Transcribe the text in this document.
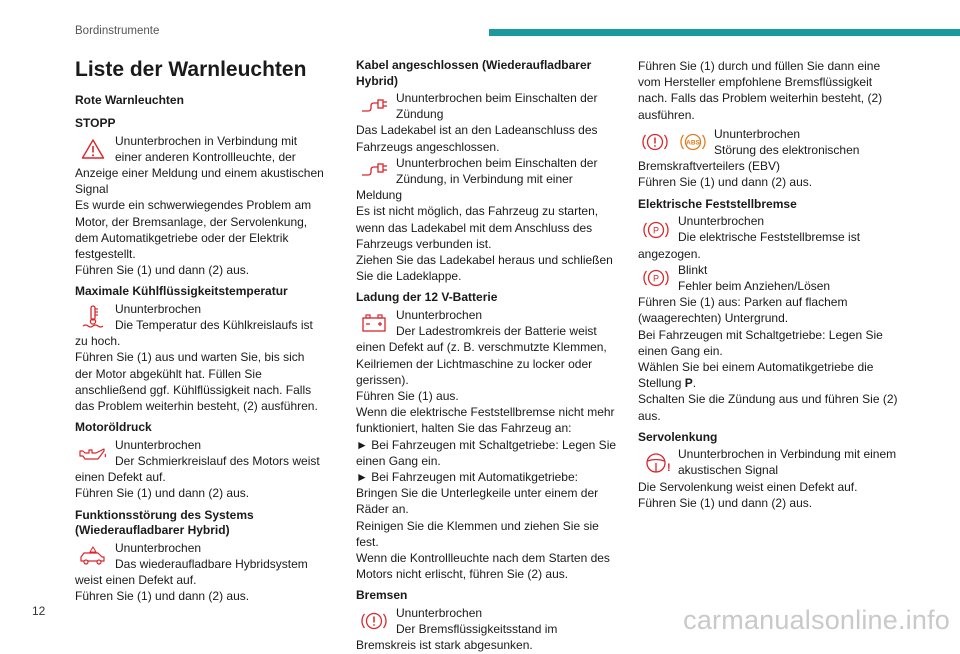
Bordinstrumente
Liste der Warnleuchten
Rote Warnleuchten
STOPP

Ununterbrochen in Verbindung mit einer anderen Kontrollleuchte, der Anzeige einer Meldung und einem akustischen Signal

Es wurde ein schwerwiegendes Problem am Motor, der Bremsanlage, der Servolenkung, dem Automatikgetriebe oder der Elektrik festgestellt.

Führen Sie (1) und dann (2) aus.

Maximale Kühlflüssigkeitstemperatur

Ununterbrochen

Die Temperatur des Kühlkreislaufs ist zu hoch.

Führen Sie (1) aus und warten Sie, bis sich der Motor abgekühlt hat. Füllen Sie anschließend ggf. Kühlflüssigkeit nach. Falls das Problem weiterhin besteht, (2) ausführen.

Motoröldruck

Ununterbrochen

Der Schmierkreislauf des Motors weist einen Defekt auf.

Führen Sie (1) und dann (2) aus.

Funktionsstörung des Systems (Wiederaufladbarer Hybrid)

Ununterbrochen

Das wiederaufladbare Hybridsystem weist einen Defekt auf.

Führen Sie (1) und dann (2) aus.

Kabel angeschlossen (Wiederaufladbarer Hybrid)

Ununterbrochen beim Einschalten der Zündung

Das Ladekabel ist an den Ladeanschluss des Fahrzeugs angeschlossen.

Ununterbrochen beim Einschalten der Zündung, in Verbindung mit einer Meldung

Es ist nicht möglich, das Fahrzeug zu starten, wenn das Ladekabel mit dem Anschluss des Fahrzeugs verbunden ist.

Ziehen Sie das Ladekabel heraus und schließen Sie die Ladeklappe.

Ladung der 12 V-Batterie

Ununterbrochen

Der Ladestromkreis der Batterie weist einen Defekt auf (z. B. verschmutzte Klemmen, Keilriemen der Lichtmaschine zu locker oder gerissen).

Führen Sie (1) aus.

Wenn die elektrische Feststellbremse nicht mehr funktioniert, halten Sie das Fahrzeug an:

► Bei Fahrzeugen mit Schaltgetriebe: Legen Sie einen Gang ein.

► Bei Fahrzeugen mit Automatikgetriebe: Bringen Sie die Unterlegkeile unter einem der Räder an.

Reinigen Sie die Klemmen und ziehen Sie sie fest.

Wenn die Kontrollleuchte nach dem Starten des Motors nicht erlischt, führen Sie (2) aus.

Bremsen

Ununterbrochen

Der Bremsflüssigkeitsstand im Bremskreis ist stark abgesunken.

Führen Sie (1) durch und füllen Sie dann eine vom Hersteller empfohlene Bremsflüssigkeit nach. Falls das Problem weiterhin besteht, (2) ausführen.

ABS

Ununterbrochen

Störung des elektronischen Bremskraftverteilers (EBV)

Führen Sie (1) und dann (2) aus.

Elektrische Feststellbremse
P

Ununterbrochen

Die elektrische Feststellbremse ist angezogen.

P

Blinkt

Fehler beim Anziehen/Lösen

Führen Sie (1) aus: Parken auf flachem (waagerechten) Untergrund.

Bei Fahrzeugen mit Schaltgetriebe: Legen Sie einen Gang ein.

Wählen Sie bei einem Automatikgetriebe die Stellung P.

Schalten Sie die Zündung aus und führen Sie (2) aus.

Servolenkung
!

Ununterbrochen in Verbindung mit einem akustischen Signal

Die Servolenkung weist einen Defekt auf.

Führen Sie (1) und dann (2) aus.

12	carmanualsonline.info
